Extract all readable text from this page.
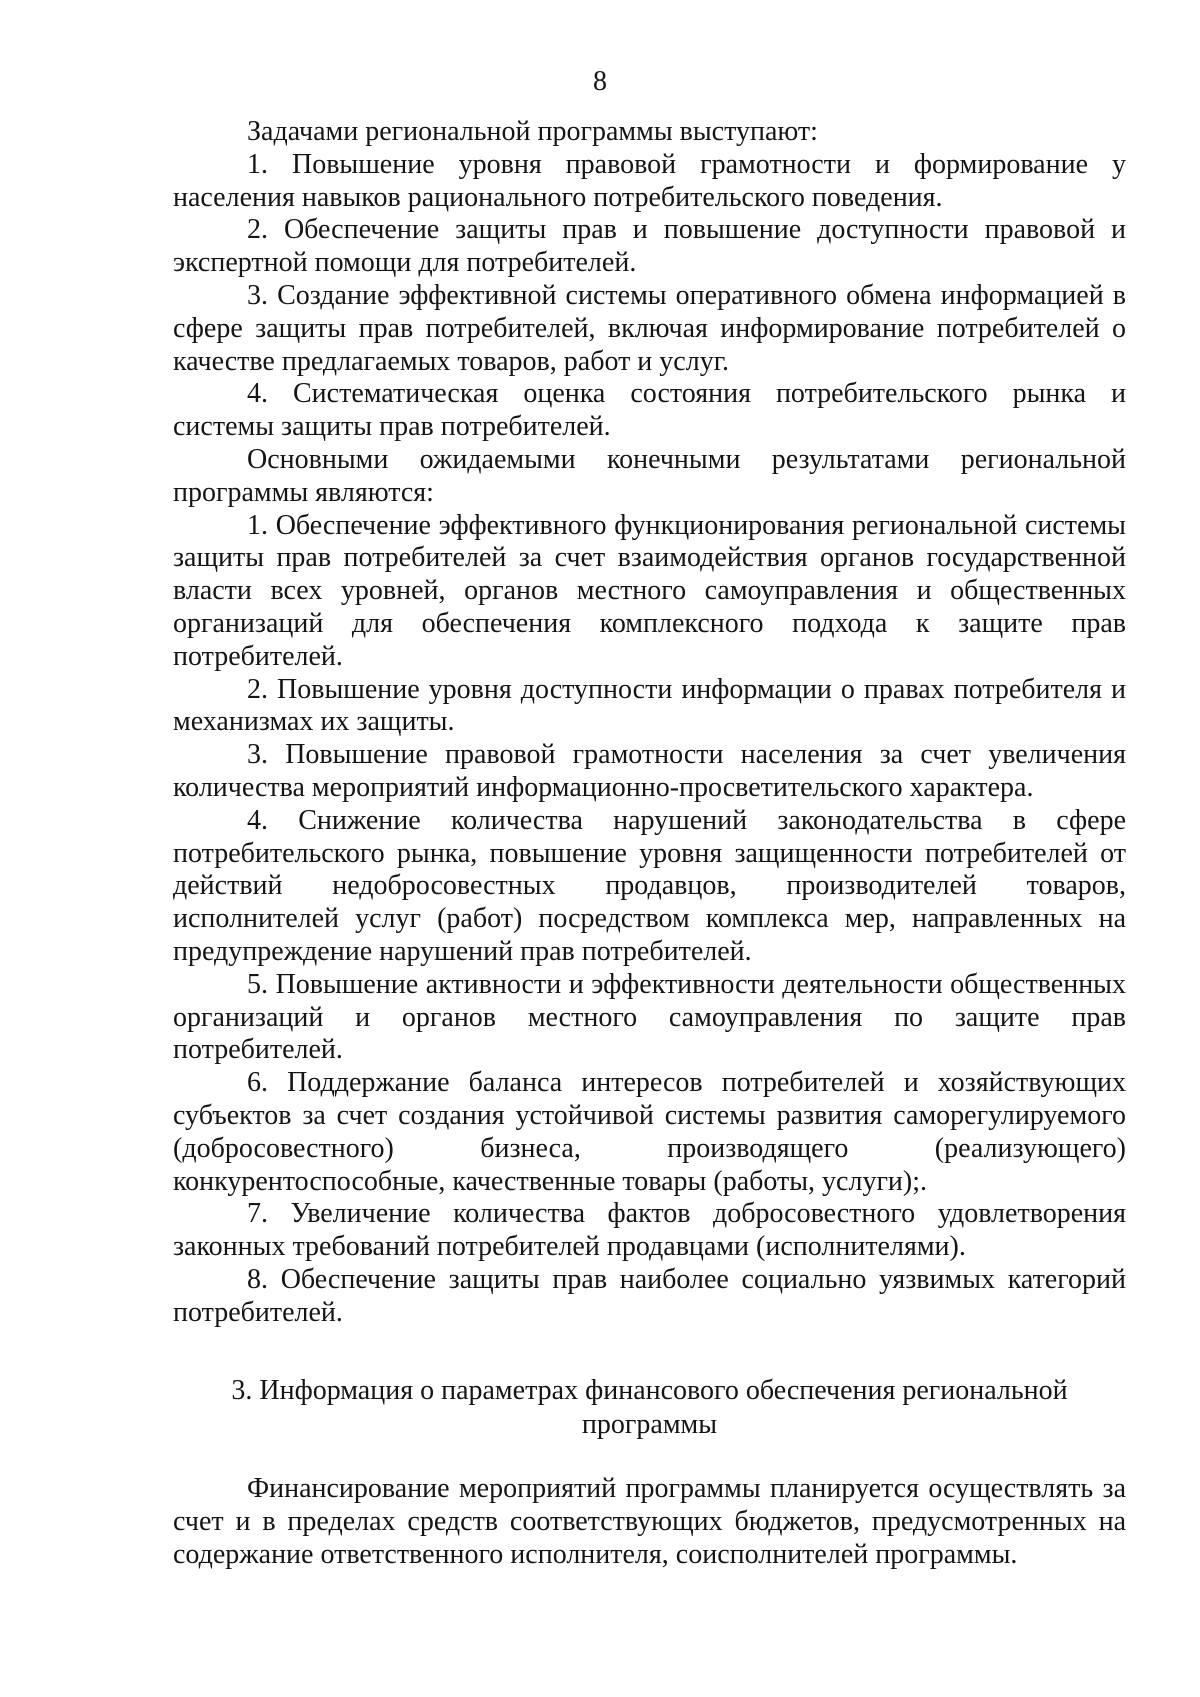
8

Задачами региональной программы выступают:

1. Повышение уровня правовой грамотности и формирование у населения навыков рационального потребительского поведения.

2. Обеспечение защиты прав и повышение доступности правовой и экспертной помощи для потребителей.

3. Создание эффективной системы оперативного обмена информацией в сфере защиты прав потребителей, включая информирование потребителей о качестве предлагаемых товаров, работ и услуг.

4. Систематическая оценка состояния потребительского рынка и системы защиты прав потребителей.

Основными ожидаемыми конечными результатами региональной программы являются:

1. Обеспечение эффективного функционирования региональной системы защиты прав потребителей за счет взаимодействия органов государственной власти всех уровней, органов местного самоуправления и общественных организаций для обеспечения комплексного подхода к защите прав потребителей.

2. Повышение уровня доступности информации о правах потребителя и механизмах их защиты.

3. Повышение правовой грамотности населения за счет увеличения количества мероприятий информационно-просветительского характера.

4. Снижение количества нарушений законодательства в сфере потребительского рынка, повышение уровня защищенности потребителей от действий недобросовестных продавцов, производителей товаров, исполнителей услуг (работ) посредством комплекса мер, направленных на предупреждение нарушений прав потребителей.

5. Повышение активности и эффективности деятельности общественных организаций и органов местного самоуправления по защите прав потребителей.

6. Поддержание баланса интересов потребителей и хозяйствующих субъектов за счет создания устойчивой системы развития саморегулируемого (добросовестного) бизнеса, производящего (реализующего) конкурентоспособные, качественные товары (работы, услуги);.

7. Увеличение количества фактов добросовестного удовлетворения законных требований потребителей продавцами (исполнителями).

8. Обеспечение защиты прав наиболее социально уязвимых категорий потребителей.

3. Информация о параметрах финансового обеспечения региональной
программы

Финансирование мероприятий программы планируется осуществлять за счет и в пределах средств соответствующих бюджетов, предусмотренных на содержание ответственного исполнителя, соисполнителей программы.
